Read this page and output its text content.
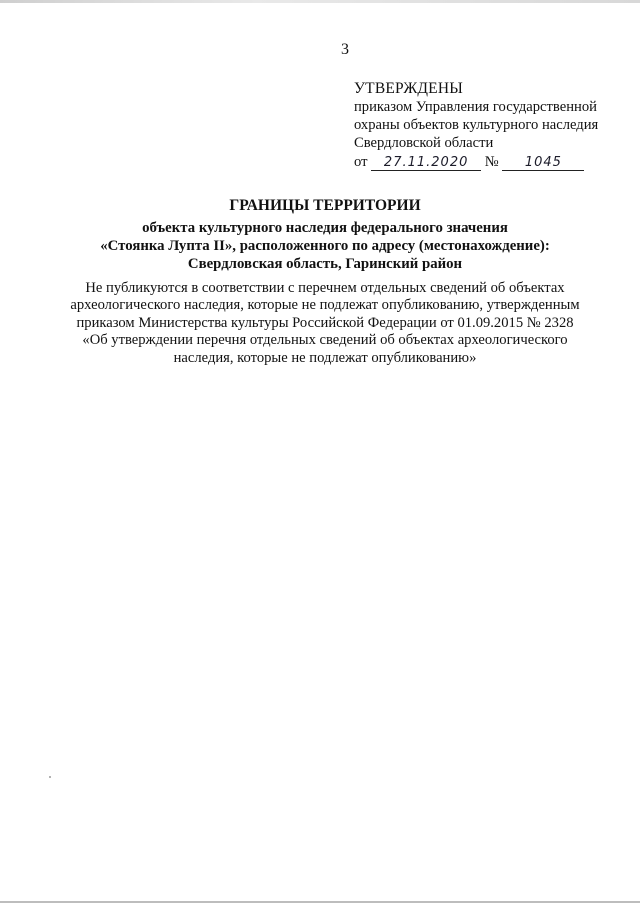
3
УТВЕРЖДЕНЫ
приказом Управления государственной
охраны объектов культурного наследия
Свердловской области
от 27.11.2020 № 1045
ГРАНИЦЫ ТЕРРИТОРИИ
объекта культурного наследия федерального значения
«Стоянка Лупта II», расположенного по адресу (местонахождение):
Свердловская область, Гаринский район
Не публикуются в соответствии с перечнем отдельных сведений об объектах
археологического наследия, которые не подлежат опубликованию, утвержденным
приказом Министерства культуры Российской Федерации от 01.09.2015 № 2328
«Об утверждении перечня отдельных сведений об объектах археологического
наследия, которые не подлежат опубликованию»
